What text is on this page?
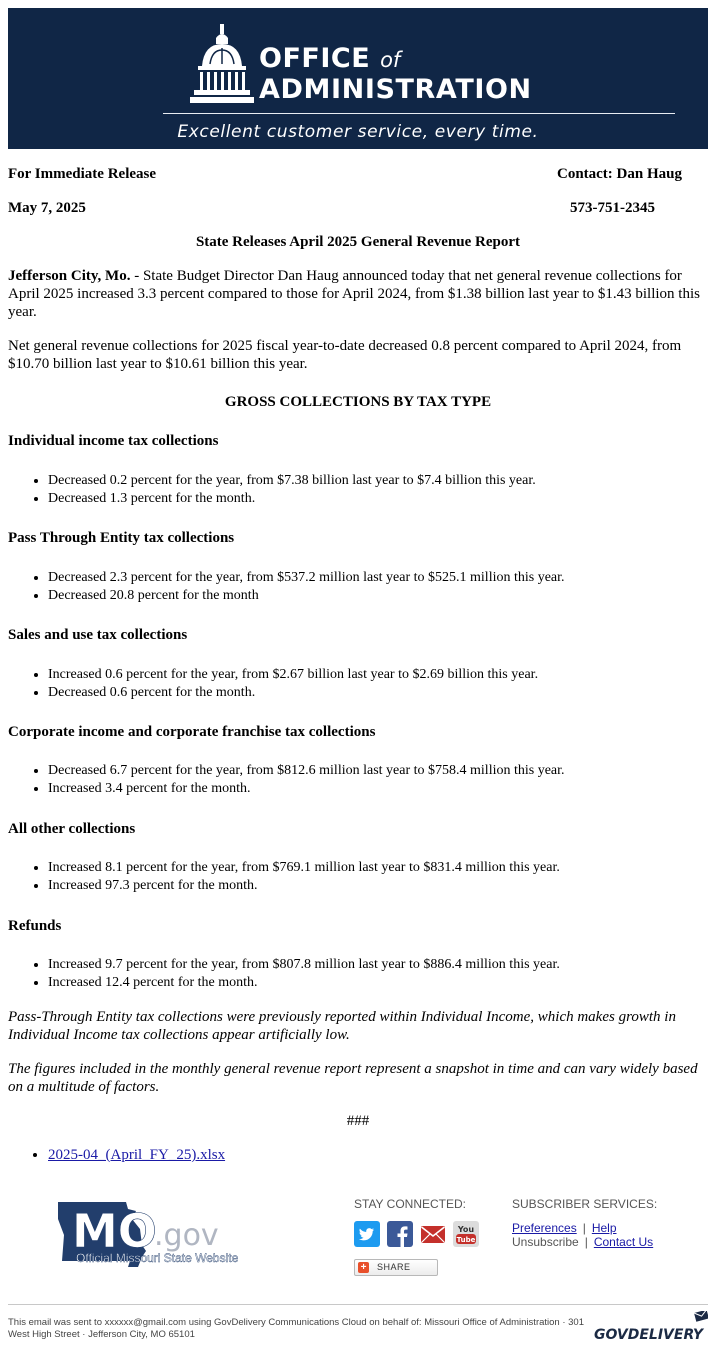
OFFICE of
ADMINISTRATION
Excellent customer service, every time.
For Immediate Release	Contact: Dan Haug
May 7, 2025	573-751-2345
State Releases April 2025 General Revenue Report
Jefferson City, Mo. - State Budget Director Dan Haug announced today that net general revenue collections for April 2025 increased 3.3 percent compared to those for April 2024, from $1.38 billion last year to $1.43 billion this year.
Net general revenue collections for 2025 fiscal year-to-date decreased 0.8 percent compared to April 2024, from $10.70 billion last year to $10.61 billion this year.
GROSS COLLECTIONS BY TAX TYPE
Individual income tax collections
• Decreased 0.2 percent for the year, from $7.38 billion last year to $7.4 billion this year.
• Decreased 1.3 percent for the month.
Pass Through Entity tax collections
• Decreased 2.3 percent for the year, from $537.2 million last year to $525.1 million this year.
• Decreased 20.8 percent for the month
Sales and use tax collections
• Increased 0.6 percent for the year, from $2.67 billion last year to $2.69 billion this year.
• Decreased 0.6 percent for the month.
Corporate income and corporate franchise tax collections
• Decreased 6.7 percent for the year, from $812.6 million last year to $758.4 million this year.
• Increased 3.4 percent for the month.
All other collections
• Increased 8.1 percent for the year, from $769.1 million last year to $831.4 million this year.
• Increased 97.3 percent for the month.
Refunds
• Increased 9.7 percent for the year, from $807.8 million last year to $886.4 million this year.
• Increased 12.4 percent for the month.
Pass-Through Entity tax collections were previously reported within Individual Income, which makes growth in Individual Income tax collections appear artificially low.
The figures included in the monthly general revenue report represent a snapshot in time and can vary widely based on a multitude of factors.
###
• 2025-04_(April_FY_25).xlsx
MO
.gov
Official Missouri State Website
STAY CONNECTED:	SUBSCRIBER SERVICES:
You
Tube
+ SHARE
Preferences | Help
Unsubscribe | Contact Us
This email was sent to xxxxxx@gmail.com using GovDelivery Communications Cloud on behalf of: Missouri Office of Administration · 301 West High Street · Jefferson City, MO 65101	GOVDELIVERY
